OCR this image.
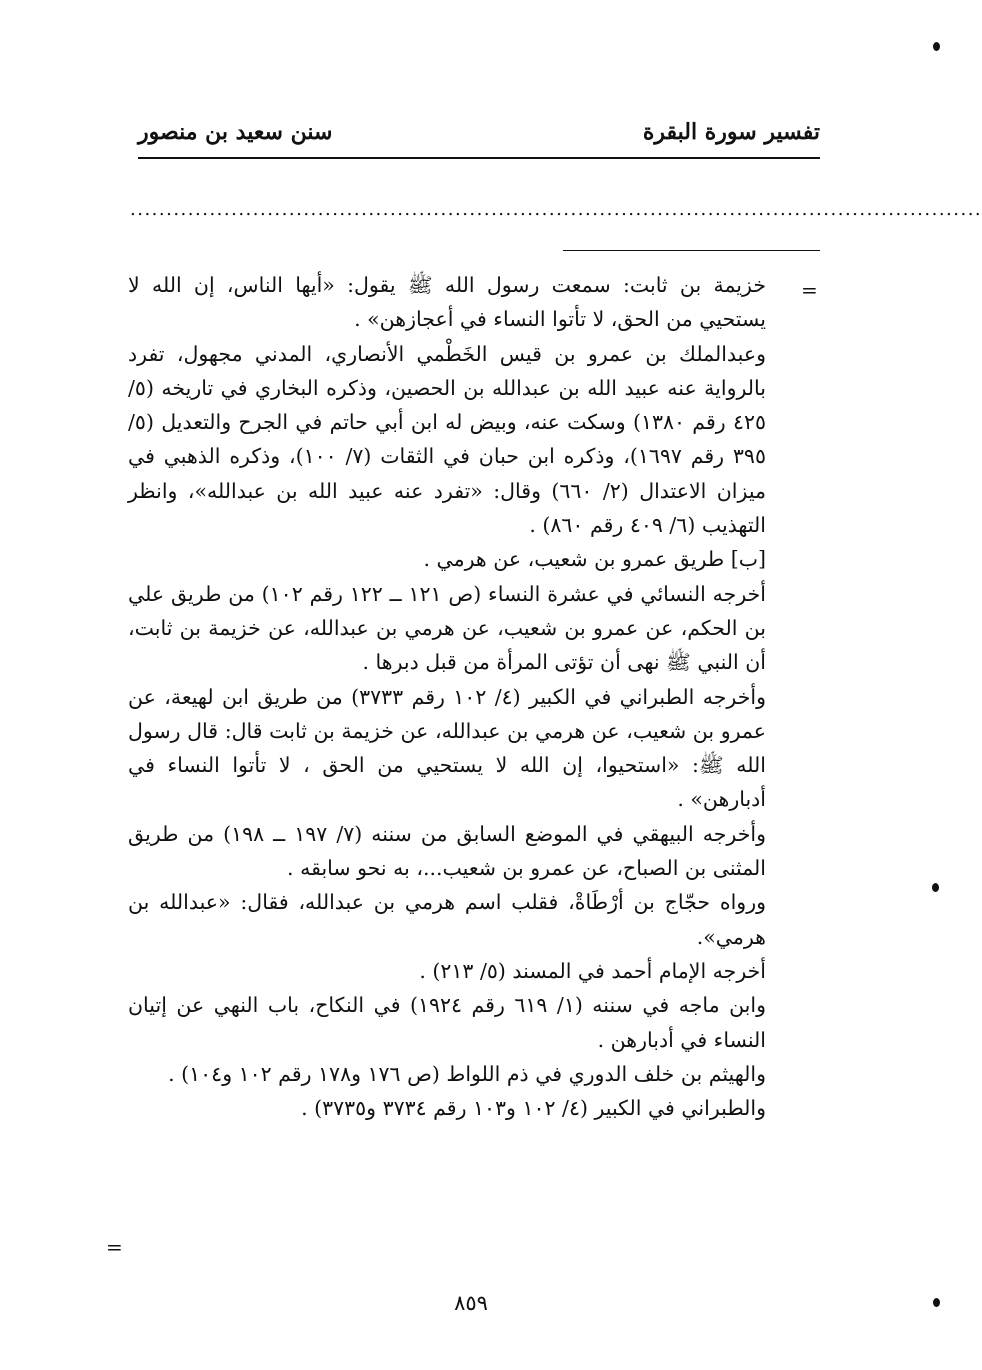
تفسير سورة البقرة
سنن سعيد بن منصور
......................................................................................................................
=

خزيمة بن ثابت: سمعت رسول الله ﷺ يقول: «أيها الناس، إن الله لا يستحيي من الحق، لا تأتوا النساء في أعجازهن» .

وعبدالملك بن عمرو بن قيس الخَطْمي الأنصاري، المدني مجهول، تفرد بالرواية عنه عبيد الله بن عبدالله بن الحصين، وذكره البخاري في تاريخه (٥/ ٤٢٥ رقم ١٣٨٠) وسكت عنه، وبيض له ابن أبي حاتم في الجرح والتعديل (٥/ ٣٩٥ رقم ١٦٩٧)، وذكره ابن حبان في الثقات (٧/ ١٠٠)، وذكره الذهبي في ميزان الاعتدال (٢/ ٦٦٠) وقال: «تفرد عنه عبيد الله بن عبدالله»، وانظر التهذيب (٦/ ٤٠٩ رقم ٨٦٠) .

[ب] طريق عمرو بن شعيب، عن هرمي .

أخرجه النسائي في عشرة النساء (ص ١٢١ ــ ١٢٢ رقم ١٠٢) من طريق علي بن الحكم، عن عمرو بن شعيب، عن هرمي بن عبدالله، عن خزيمة بن ثابت، أن النبي ﷺ نهى أن تؤتى المرأة من قبل دبرها .

وأخرجه الطبراني في الكبير (٤/ ١٠٢ رقم ٣٧٣٣) من طريق ابن لهيعة، عن عمرو بن شعيب، عن هرمي بن عبدالله، عن خزيمة بن ثابت قال: قال رسول الله ﷺ: «استحيوا، إن الله لا يستحيي من الحق ، لا تأتوا النساء في أدبارهن» .

وأخرجه البيهقي في الموضع السابق من سننه (٧/ ١٩٧ ــ ١٩٨) من طريق المثنى بن الصباح، عن عمرو بن شعيب...، به نحو سابقه .

ورواه حجّاج بن أرْطَاةْ، فقلب اسم هرمي بن عبدالله، فقال: «عبدالله بن هرمي».

أخرجه الإمام أحمد في المسند (٥/ ٢١٣) .

وابن ماجه في سننه (١/ ٦١٩ رقم ١٩٢٤) في النكاح، باب النهي عن إتيان النساء في أدبارهن .

والهيثم بن خلف الدوري في ذم اللواط (ص ١٧٦ و١٧٨ رقم ١٠٢ و١٠٤) .

والطبراني في الكبير (٤/ ١٠٢ و١٠٣ رقم ٣٧٣٤ و٣٧٣٥) .

=
٨٥٩
